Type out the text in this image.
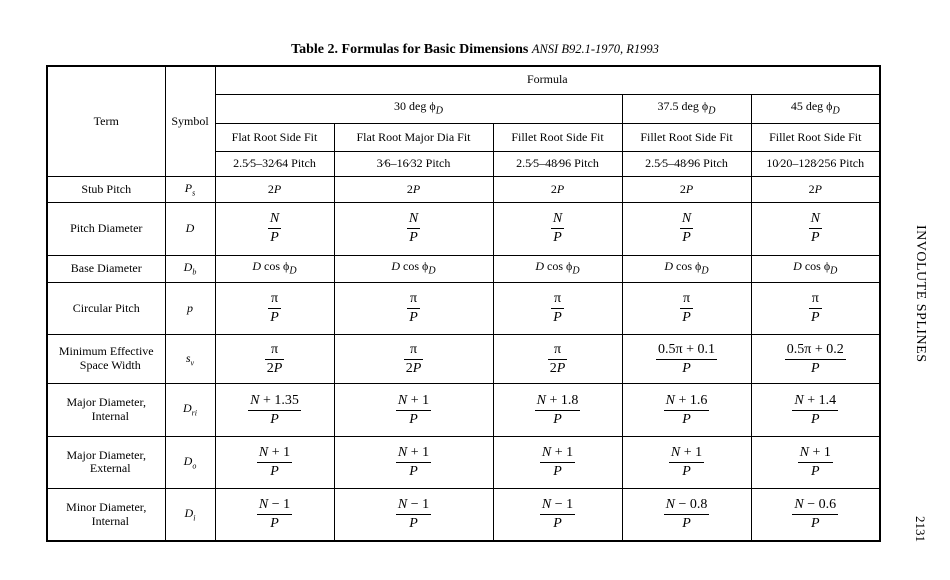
Table 2. Formulas for Basic Dimensions ANSI B92.1-1970, R1993
Term	Symbol	Formula				
		30 deg $\phi_D$			37.5 deg $\phi_D$	45 deg $\phi_D$
		Flat Root Side Fit	Flat Root Major Dia Fit	Fillet Root Side Fit	Fillet Root Side Fit	Fillet Root Side Fit
		2.5⁄5–32⁄64 Pitch	3⁄6–16⁄32 Pitch	2.5⁄5–48⁄96 Pitch	2.5⁄5–48⁄96 Pitch	10⁄20–128⁄256 Pitch

Stub Pitch	$P_s$	2P	2P	2P	2P	2P

Pitch Diameter	D	$\frac{N}{P}$	$\frac{N}{P}$	$\frac{N}{P}$	$\frac{N}{P}$	$\frac{N}{P}$

Base Diameter	$D_b$	D $\cos \phi_D$	D $\cos \phi_D$	D $\cos \phi_D$	D $\cos \phi_D$	D $\cos \phi_D$

Circular Pitch	p	$\frac{\pi}{P}$	$\frac{\pi}{P}$	$\frac{\pi}{P}$	$\frac{\pi}{P}$	$\frac{\pi}{P}$

Minimum Effective
Space Width	$s_v$	$\frac{\pi}{2P}$	$\frac{\pi}{2P}$	$\frac{\pi}{2P}$	$\frac{0.5\pi + 0.1}{P}$	$\frac{0.5\pi + 0.2}{P}$

Major Diameter,
Internal	$D_{ri}$	$\frac{N + 1.35}{P}$	$\frac{N + 1}{P}$	$\frac{N + 1.8}{P}$	$\frac{N + 1.6}{P}$	$\frac{N + 1.4}{P}$

Major Diameter,
External	$D_o$	$\frac{N + 1}{P}$	$\frac{N + 1}{P}$	$\frac{N + 1}{P}$	$\frac{N + 1}{P}$	$\frac{N + 1}{P}$

Minor Diameter,
Internal	$D_i$	$\frac{N - 1}{P}$	$\frac{N - 1}{P}$	$\frac{N - 1}{P}$	$\frac{N - 0.8}{P}$	$\frac{N - 0.6}{P}$
INVOLUTE SPLINES
2131
